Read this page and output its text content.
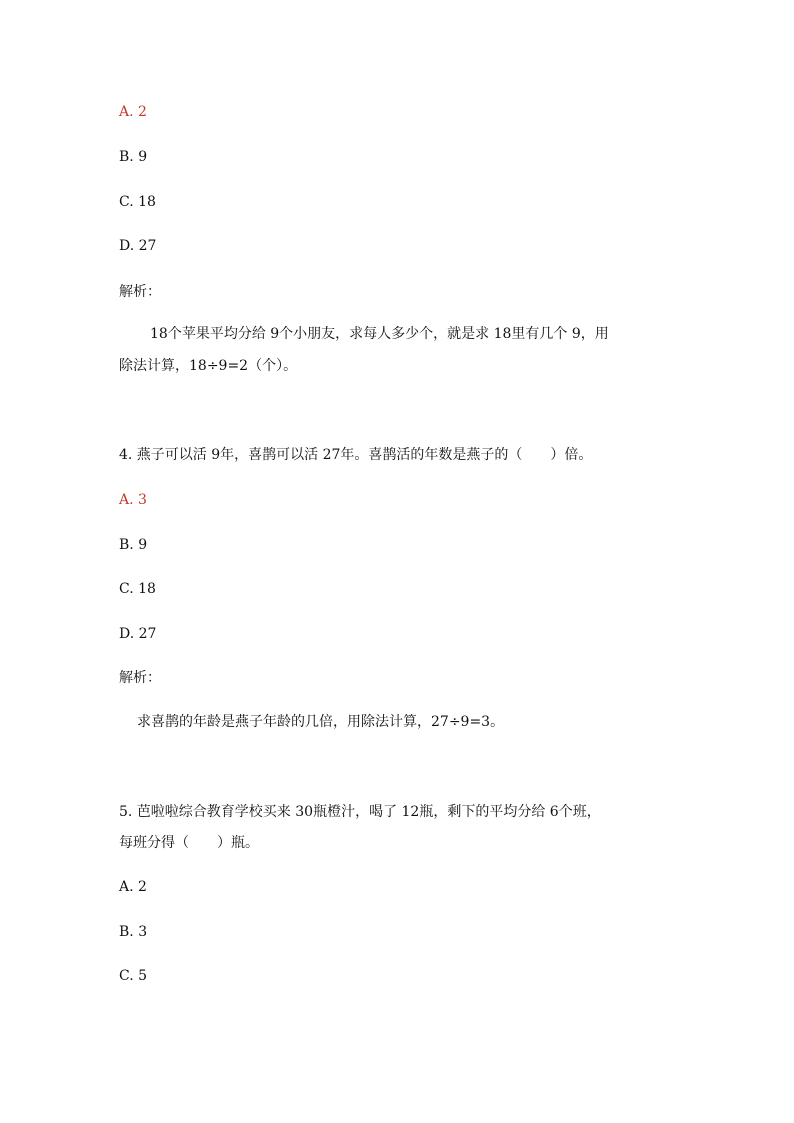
A. 2
B. 9
C. 18
D. 27
解析：
18个苹果平均分给 9个小朋友，求每人多少个，就是求 18里有几个 9，用
除法计算，18÷9=2（个）。
4. 燕子可以活 9年，喜鹊可以活 27年。喜鹊活的年数是燕子的（　　）倍。
A. 3
B. 9
C. 18
D. 27
解析：
求喜鹊的年龄是燕子年龄的几倍，用除法计算，27÷9=3。
5. 芭啦啦综合教育学校买来 30瓶橙汁，喝了 12瓶，剩下的平均分给 6个班，
每班分得（　　）瓶。
A. 2
B. 3
C. 5
